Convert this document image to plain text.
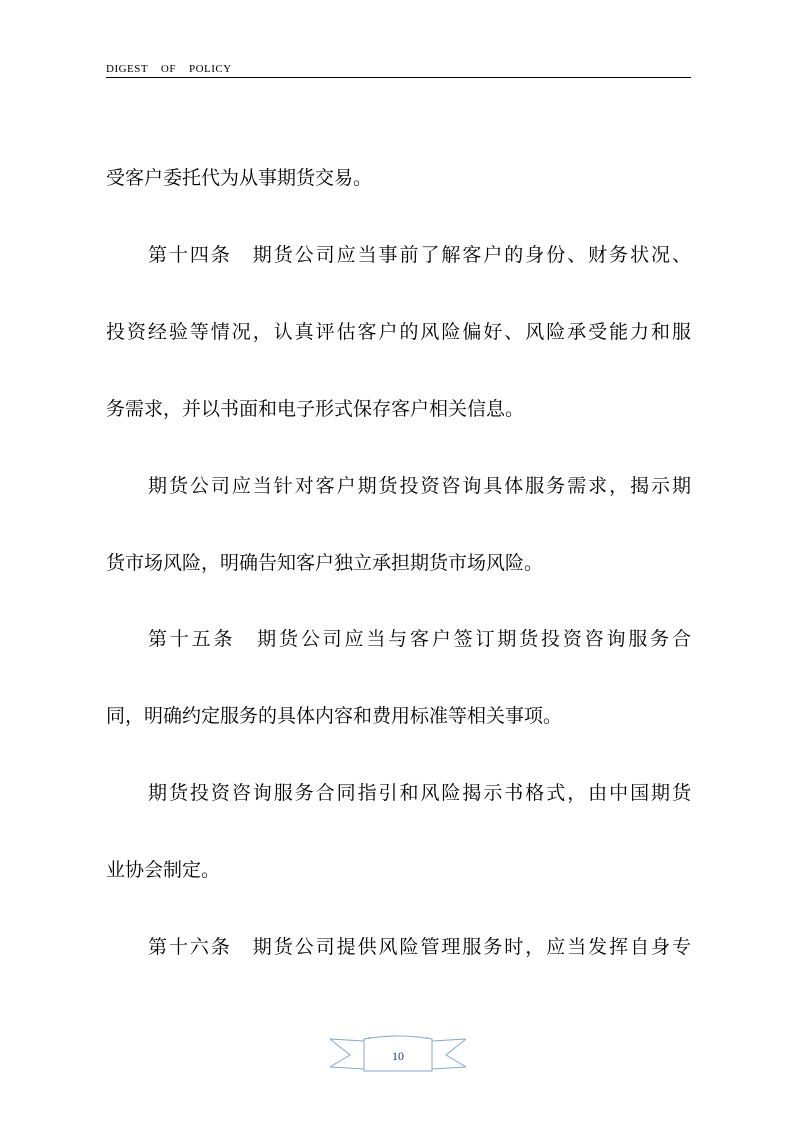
DIGEST    OF    POLICY
受客户委托代为从事期货交易。
第十四条　期货公司应当事前了解客户的身份、财务状况、
投资经验等情况，认真评估客户的风险偏好、风险承受能力和服
务需求，并以书面和电子形式保存客户相关信息。
期货公司应当针对客户期货投资咨询具体服务需求，揭示期
货市场风险，明确告知客户独立承担期货市场风险。
第十五条　期货公司应当与客户签订期货投资咨询服务合
同，明确约定服务的具体内容和费用标准等相关事项。
期货投资咨询服务合同指引和风险揭示书格式，由中国期货
业协会制定。
第十六条　期货公司提供风险管理服务时，应当发挥自身专
10
